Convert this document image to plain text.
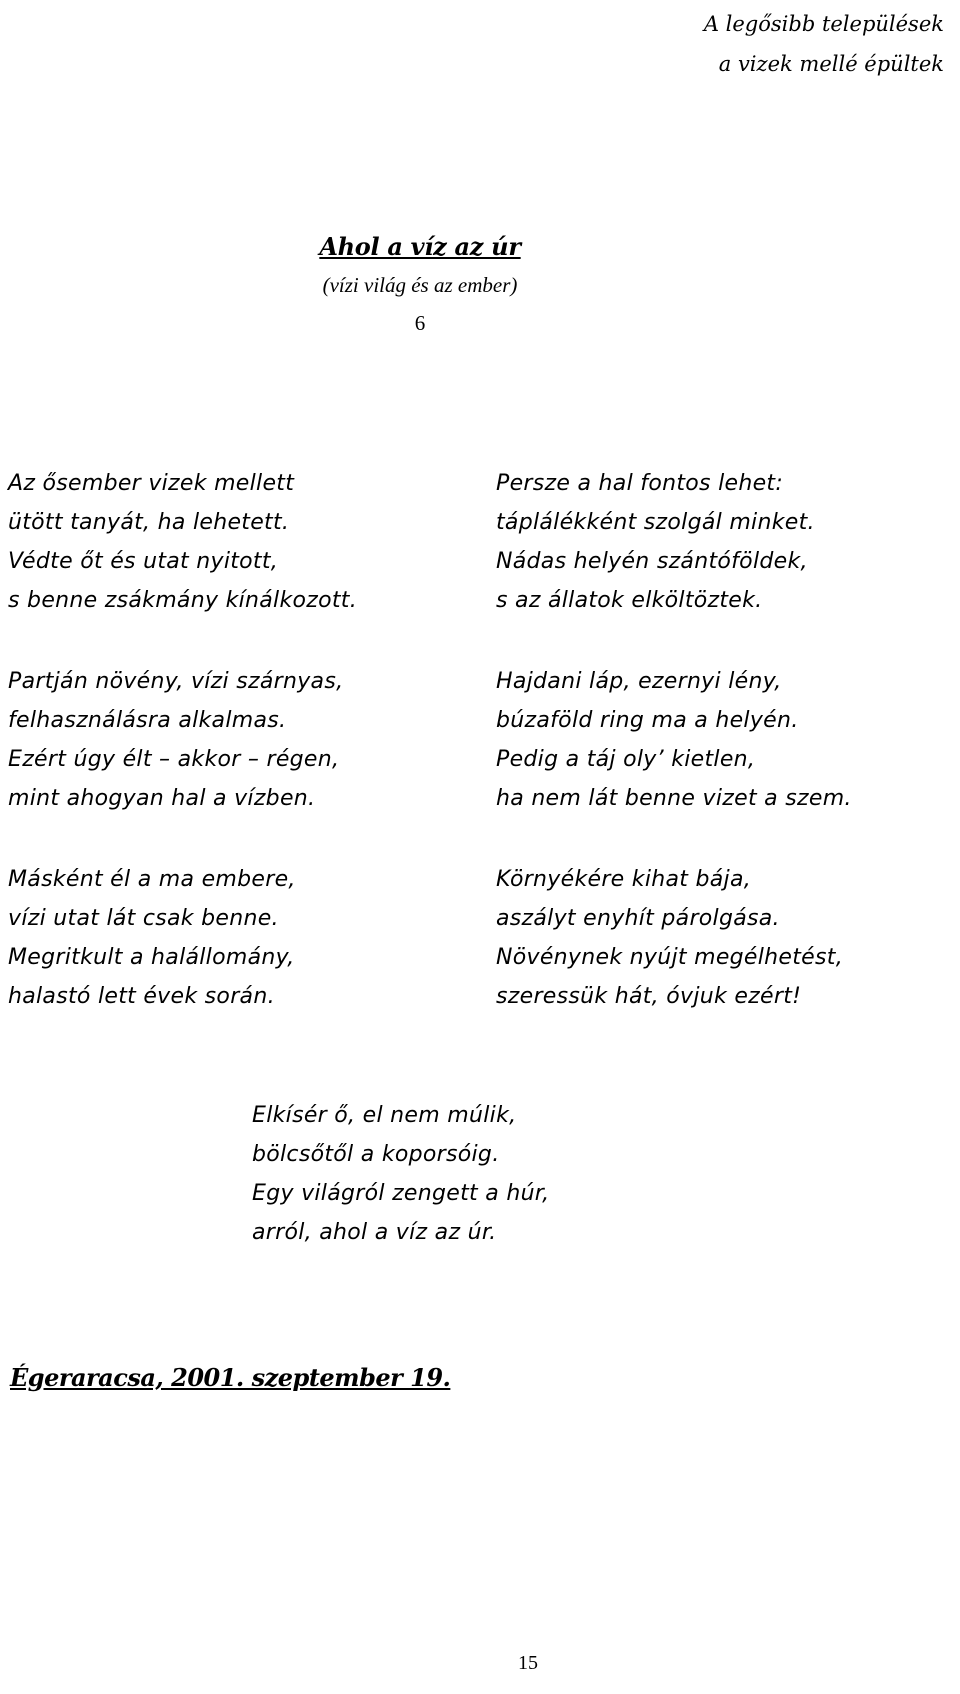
A legősibb települések
a vizek mellé épültek
Ahol a víz az úr
(vízi világ és az ember)
6
Az ősember vizek mellett
ütött tanyát, ha lehetett.
Védte őt és utat nyitott,
s benne zsákmány kínálkozott.
Partján növény, vízi szárnyas,
felhasználásra alkalmas.
Ezért úgy élt – akkor – régen,
mint ahogyan hal a vízben.
Másként él a ma embere,
vízi utat lát csak benne.
Megritkult a halállomány,
halastó lett évek során.
Persze a hal fontos lehet:
táplálékként szolgál minket.
Nádas helyén szántóföldek,
s az állatok elköltöztek.
Hajdani láp, ezernyi lény,
búzaföld ring ma a helyén.
Pedig a táj oly’ kietlen,
ha nem lát benne vizet a szem.
Környékére kihat bája,
aszályt enyhít párolgása.
Növénynek nyújt megélhetést,
szeressük hát, óvjuk ezért!
Elkísér ő, el nem múlik,
bölcsőtől a koporsóig.
Egy világról zengett a húr,
arról, ahol a víz az úr.
Égeraracsa, 2001. szeptember 19.
15
